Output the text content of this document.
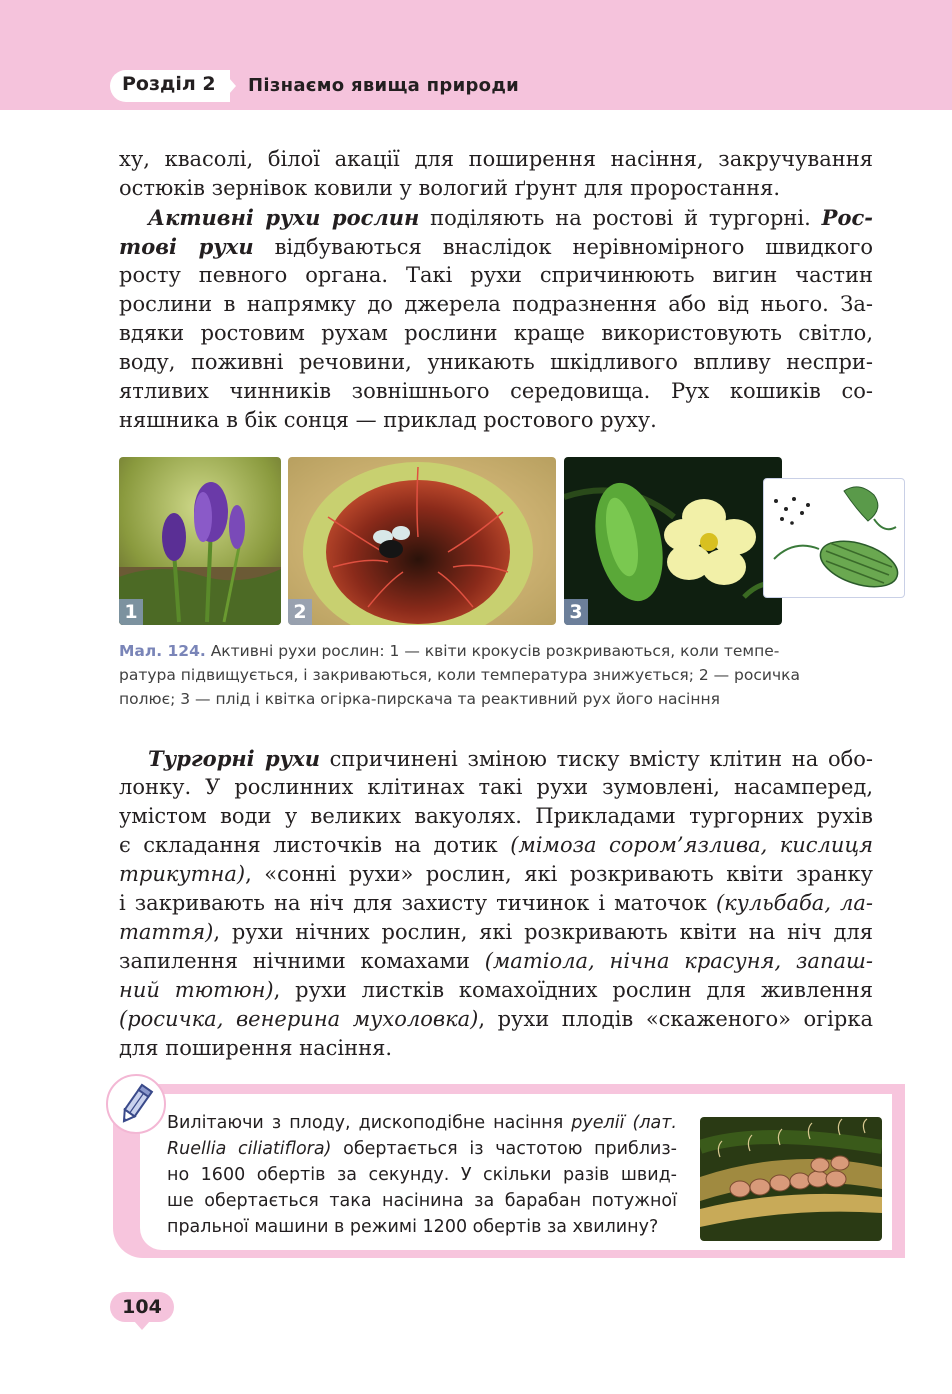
Розділ 2 Пізнаємо явища природи
ху, квасолі, білої акації для поширення насіння, закручування
остюків зернівок ковили у вологий ґрунт для проростання.
Активні рухи рослин поділяють на ростові й тургорні. Рос-
тові рухи відбуваються внаслідок нерівномірного швидкого
росту певного органа. Такі рухи спричинюють вигин частин
рослини в напрямку до джерела подразнення або від нього. За-
вдяки ростовим рухам рослини краще використовують світло,
воду, поживні речовини, уникають шкідливого впливу неспри-
ятливих чинників зовнішнього середовища. Рух кошиків со-
няшника в бік сонця — приклад ростового руху.
1	2	3
Мал. 124. Активні рухи рослин: 1 — квіти крокусів розкриваються, коли темпе-
ратура підвищується, і закриваються, коли температура знижується; 2 — росичка
полює; 3 — плід і квітка огірка-пирскача та реактивний рух його насіння
Тургорні рухи спричинені зміною тиску вмісту клітин на обо-
лонку. У рослинних клітинах такі рухи зумовлені, насамперед,
умістом води у великих вакуолях. Прикладами тургорних рухів
є складання листочків на дотик (мімоза сором’язлива, кислиця
трикутна), «сонні рухи» рослин, які розкривають квіти зранку
і закривають на ніч для захисту тичинок і маточок (кульбаба, ла-
таття), рухи нічних рослин, які розкривають квіти на ніч для
запилення нічними комахами (матіола, нічна красуня, запаш-
ний тютюн), рухи листків комахоїдних рослин для живлення
(росичка, венерина мухоловка), рухи плодів «скаженого» огірка
для поширення насіння.
Вилітаючи з плоду, дископодібне насіння руелії (лат.
Ruellia ciliatiflora) обертається із частотою приблиз-
но 1600 обертів за секунду. У скільки разів швид-
ше обертається така насінина за барабан потужної
пральної машини в режимі 1200 обертів за хвилину?
104
